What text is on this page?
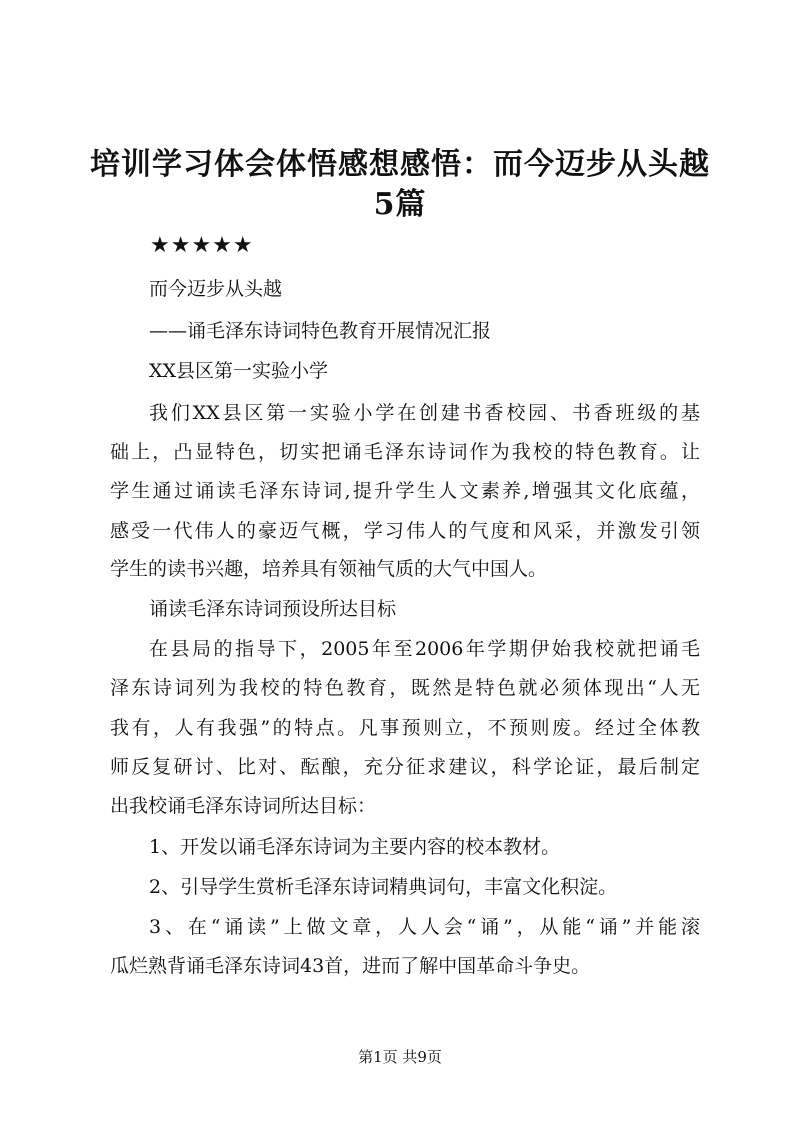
培训学习体会体悟感想感悟：而今迈步从头越
5篇
★★★★★
而今迈步从头越
——诵毛泽东诗词特色教育开展情况汇报
XX县区第一实验小学
我们XX县区第一实验小学在创建书香校园、书香班级的基
础上，凸显特色，切实把诵毛泽东诗词作为我校的特色教育。让
学生通过诵读毛泽东诗词,提升学生人文素养,增强其文化底蕴，
感受一代伟人的豪迈气概，学习伟人的气度和风采，并激发引领
学生的读书兴趣，培养具有领袖气质的大气中国人。
诵读毛泽东诗词预设所达目标
在县局的指导下，2005年至2006年学期伊始我校就把诵毛
泽东诗词列为我校的特色教育，既然是特色就必须体现出“人无
我有，人有我强”的特点。凡事预则立，不预则废。经过全体教
师反复研讨、比对、酝酿，充分征求建议，科学论证，最后制定
出我校诵毛泽东诗词所达目标：
1、开发以诵毛泽东诗词为主要内容的校本教材。
2、引导学生赏析毛泽东诗词精典词句，丰富文化积淀。
3、在“诵读”上做文章，人人会“诵”，从能“诵”并能滚
瓜烂熟背诵毛泽东诗词43首，进而了解中国革命斗争史。
第1页 共9页
